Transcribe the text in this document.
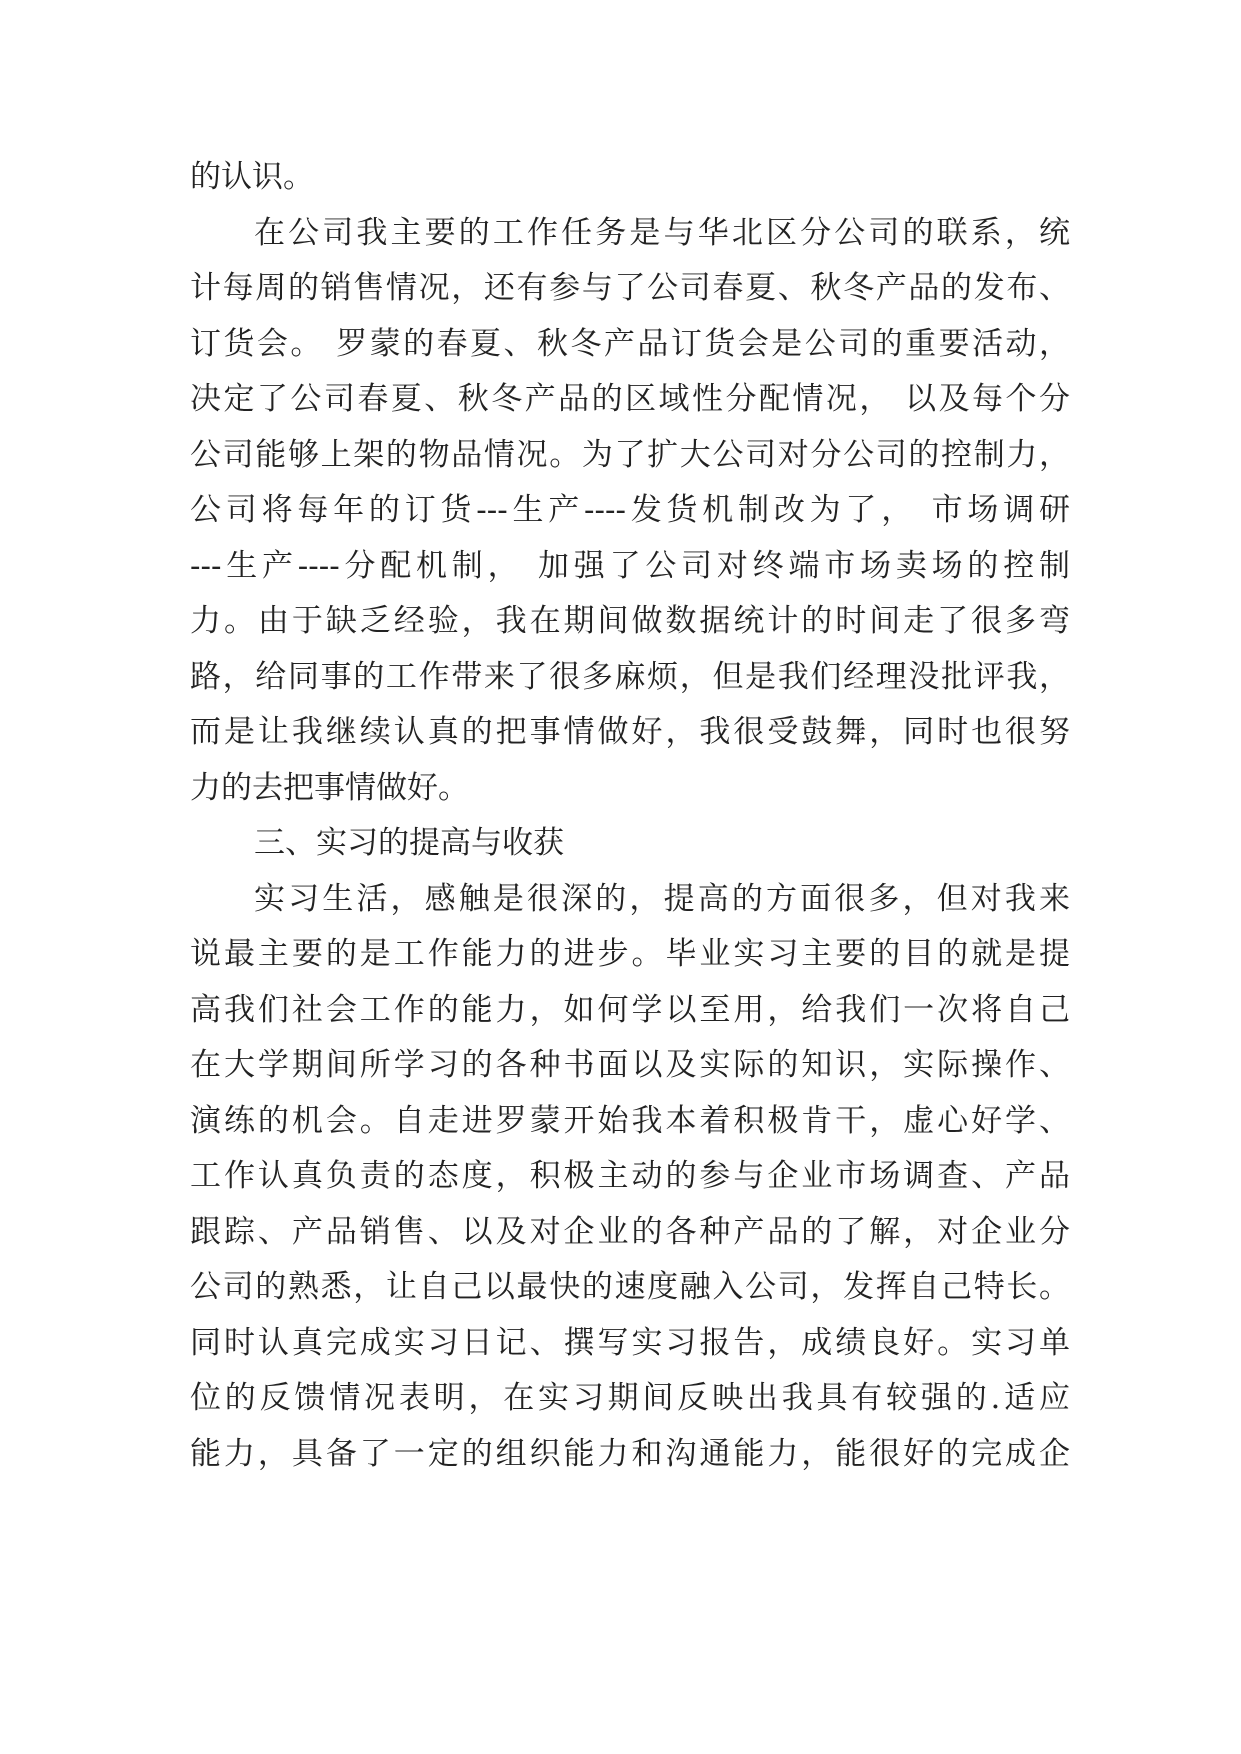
的认识。
在公司我主要的工作任务是与华北区分公司的联系，统
计每周的销售情况，还有参与了公司春夏、秋冬产品的发布、
订货会。 罗蒙的春夏、秋冬产品订货会是公司的重要活动，
决定了公司春夏、秋冬产品的区域性分配情况， 以及每个分
公司能够上架的物品情况。为了扩大公司对分公司的控制力，
公司将每年的订货---生产----发货机制改为了， 市场调研
---生产----分配机制， 加强了公司对终端市场卖场的控制
力。由于缺乏经验，我在期间做数据统计的时间走了很多弯
路，给同事的工作带来了很多麻烦，但是我们经理没批评我，
而是让我继续认真的把事情做好，我很受鼓舞，同时也很努
力的去把事情做好。
三、实习的提高与收获
实习生活，感触是很深的，提高的方面很多，但对我来
说最主要的是工作能力的进步。毕业实习主要的目的就是提
高我们社会工作的能力，如何学以至用，给我们一次将自己
在大学期间所学习的各种书面以及实际的知识，实际操作、
演练的机会。自走进罗蒙开始我本着积极肯干，虚心好学、
工作认真负责的态度，积极主动的参与企业市场调查、产品
跟踪、产品销售、以及对企业的各种产品的了解，对企业分
公司的熟悉，让自己以最快的速度融入公司，发挥自己特长。
同时认真完成实习日记、撰写实习报告，成绩良好。实习单
位的反馈情况表明，在实习期间反映出我具有较强的.适应
能力，具备了一定的组织能力和沟通能力，能很好的完成企
